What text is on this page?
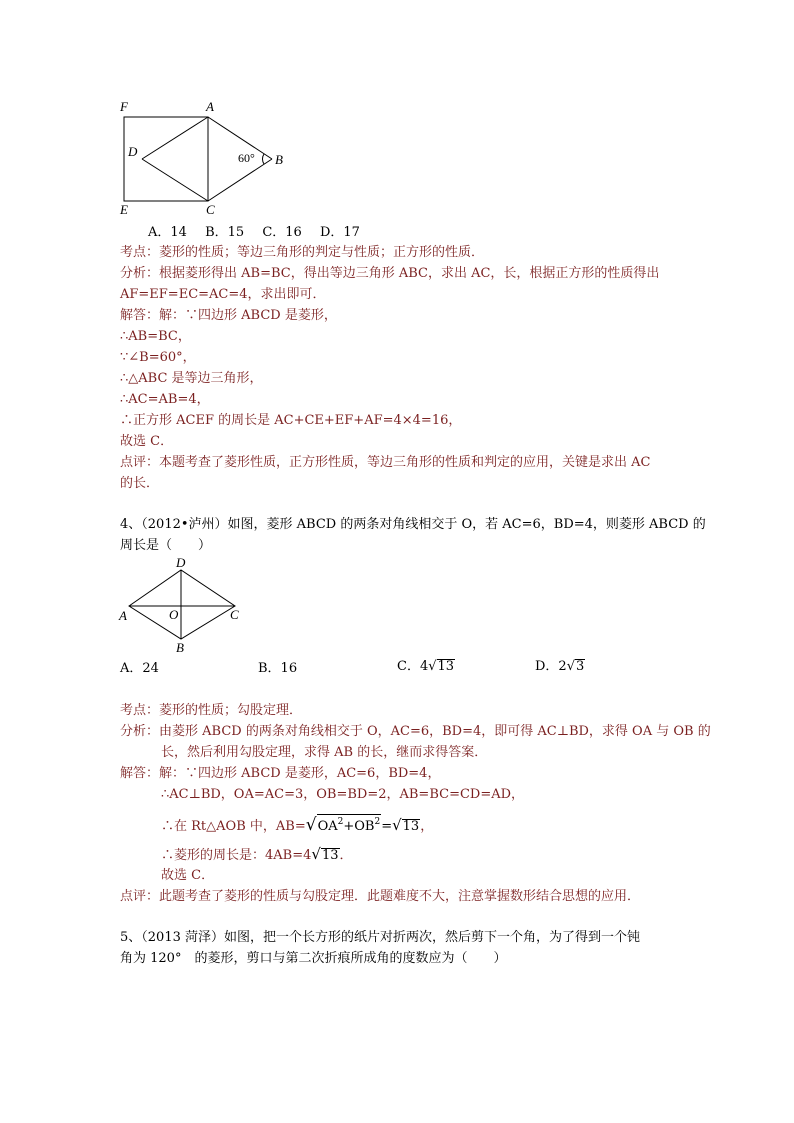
F	A
D
B
E	C
60°
A．14 B．15 C．16 D．17
考点：菱形的性质；等边三角形的判定与性质；正方形的性质．
分析：根据菱形得出 AB=BC，得出等边三角形 ABC，求出 AC，长，根据正方形的性质得出
AF=EF=EC=AC=4，求出即可．
解答：解：∵四边形 ABCD 是菱形，
∴AB=BC，
∵∠B=60°，
∴△ABC 是等边三角形，
∴AC=AB=4，
∴正方形 ACEF 的周长是 AC+CE+EF+AF=4×4=16，
故选 C．
点评：本题考查了菱形性质，正方形性质，等边三角形的性质和判定的应用，关键是求出 AC
的长．
4、（2012•泸州）如图，菱形 ABCD 的两条对角线相交于 O，若 AC=6，BD=4，则菱形 ABCD 的
周长是（　　）
D
A	O	C
B
A．24	B．16	C．4√13	D．2√3
考点：菱形的性质；勾股定理．
分析：由菱形 ABCD 的两条对角线相交于 O，AC=6，BD=4，即可得 AC⊥BD，求得 OA 与 OB 的
长，然后利用勾股定理，求得 AB 的长，继而求得答案．
解答：解：∵四边形 ABCD 是菱形，AC=6，BD=4，
∴AC⊥BD，OA=AC=3，OB=BD=2，AB=BC=CD=AD，
∴在 Rt△AOB 中，$AB=√OA^2+OB^2=√13$，
∴菱形的周长是：4AB=4√13．
故选 C．
点评：此题考查了菱形的性质与勾股定理．此题难度不大，注意掌握数形结合思想的应用．
5、（2013 菏泽）如图，把一个长方形的纸片对折两次，然后剪下一个角，为了得到一个钝
角为 120°　的菱形，剪口与第二次折痕所成角的度数应为（　　）
